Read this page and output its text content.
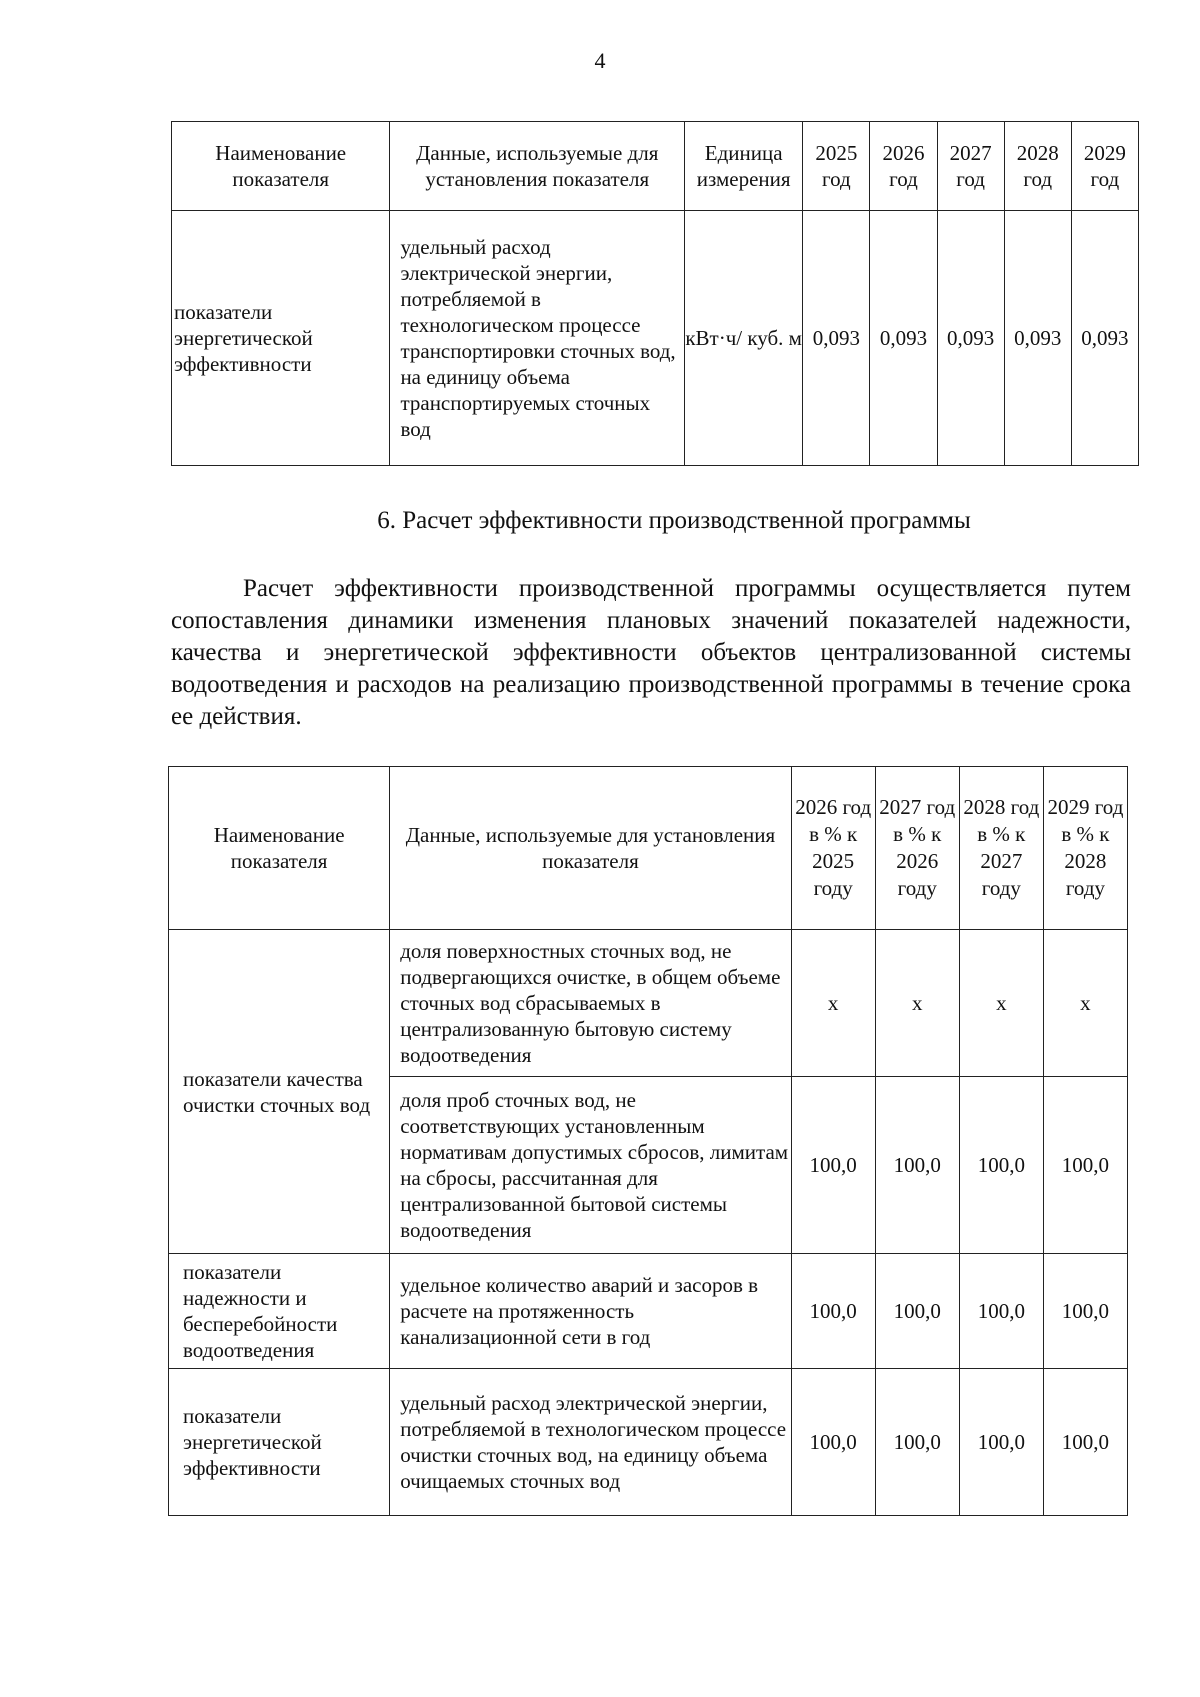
4
Наименование показателя	Данные, используемые для установления показателя	Единица измерения	2025 год	2026 год	2027 год	2028 год	2029 год
показатели энергетической эффективности	удельный расход электрической энергии, потребляемой в технологическом процессе транспортировки сточных вод, на единицу объема транспортируемых сточных вод	кВт·ч/ куб. м	0,093	0,093	0,093	0,093	0,093
6. Расчет эффективности производственной программы
Расчет эффективности производственной программы осуществляется путем сопоставления динамики изменения плановых значений показателей надежности, качества и энергетической эффективности объектов централизованной системы водоотведения и расходов на реализацию производственной программы в течение срока ее действия.
Наименование показателя	Данные, используемые для установления показателя	2026 год в % к 2025 году	2027 год в % к 2026 году	2028 год в % к 2027 году	2029 год в % к 2028 году
показатели качества очистки сточных вод	доля поверхностных сточных вод, не подвергающихся очистке, в общем объеме сточных вод сбрасываемых в централизованную бытовую систему водоотведения	х	х	х	х
	доля проб сточных вод, не соответствующих установленным нормативам допустимых сбросов, лимитам на сбросы, рассчитанная для централизованной бытовой системы водоотведения	100,0	100,0	100,0	100,0
показатели надежности и бесперебойности водоотведения	удельное количество аварий и засоров в расчете на протяженность канализационной сети в год	100,0	100,0	100,0	100,0
показатели энергетической эффективности	удельный расход электрической энергии, потребляемой в технологическом процессе очистки сточных вод, на единицу объема очищаемых сточных вод	100,0	100,0	100,0	100,0
